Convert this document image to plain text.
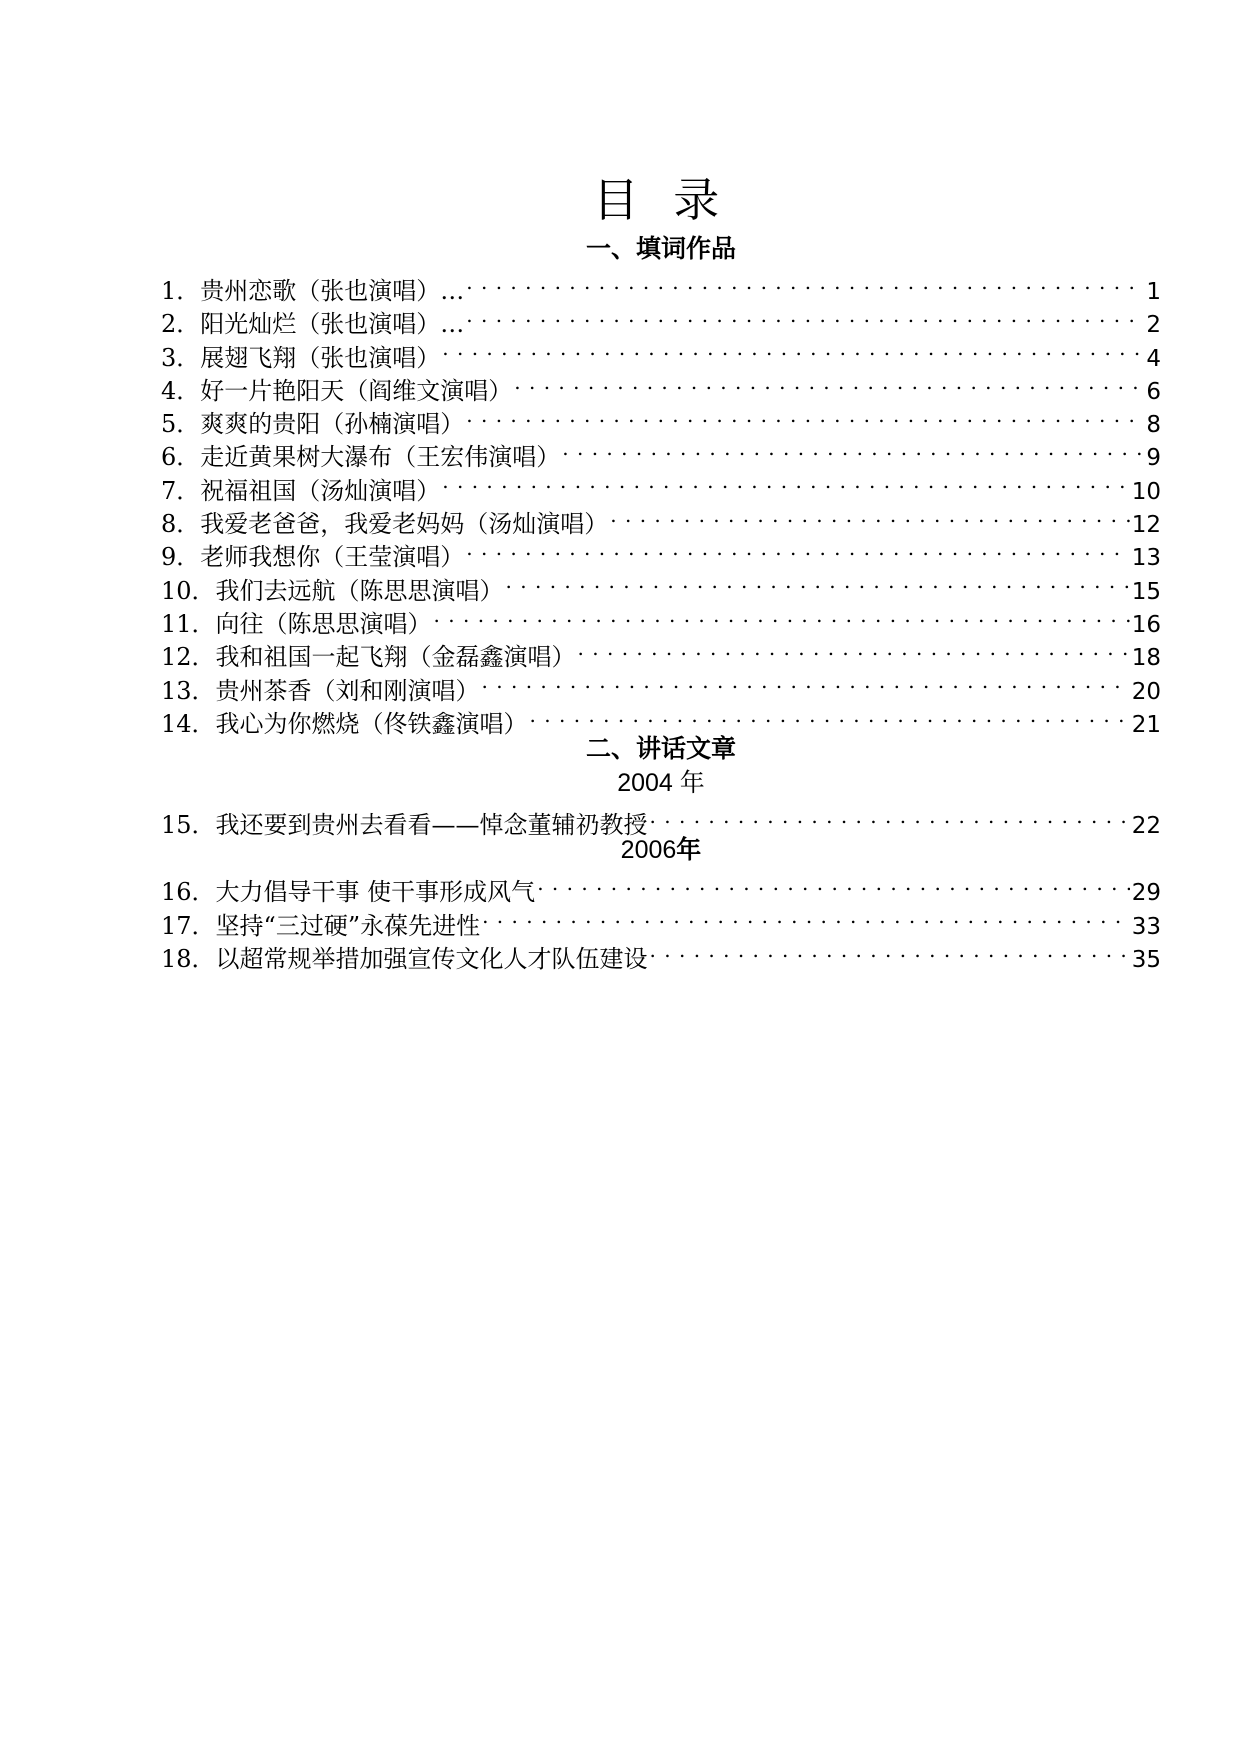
目 录
一、填词作品
1． 贵州恋歌（张也演唱）… . . .	1
2． 阳光灿烂（张也演唱）… . . .	2
3． 展翅飞翔（张也演唱） . . .	4
4． 好一片艳阳天（阎维文演唱） . . .	6
5． 爽爽的贵阳（孙楠演唱） . . .	8
6． 走近黄果树大瀑布（王宏伟演唱） . . .	9
7． 祝福祖国（汤灿演唱） . . .	10
8． 我爱老爸爸，我爱老妈妈（汤灿演唱） . . .	12
9． 老师我想你（王莹演唱） . . .	13
10． 我们去远航（陈思思演唱） . . .	15
11． 向往（陈思思演唱） . . .	16
12． 我和祖国一起飞翔（金磊鑫演唱） . . .	18
13． 贵州茶香（刘和刚演唱） . . .	20
14． 我心为你燃烧（佟铁鑫演唱） . . .	21
二、讲话文章
2004 年
15． 我还要到贵州去看看——悼念董辅礽教授 . . .	22
2006年
16． 大力倡导干事 使干事形成风气 . . .	29
17． 坚持“三过硬”永葆先进性 . . .	33
18． 以超常规举措加强宣传文化人才队伍建设 . . .	35
